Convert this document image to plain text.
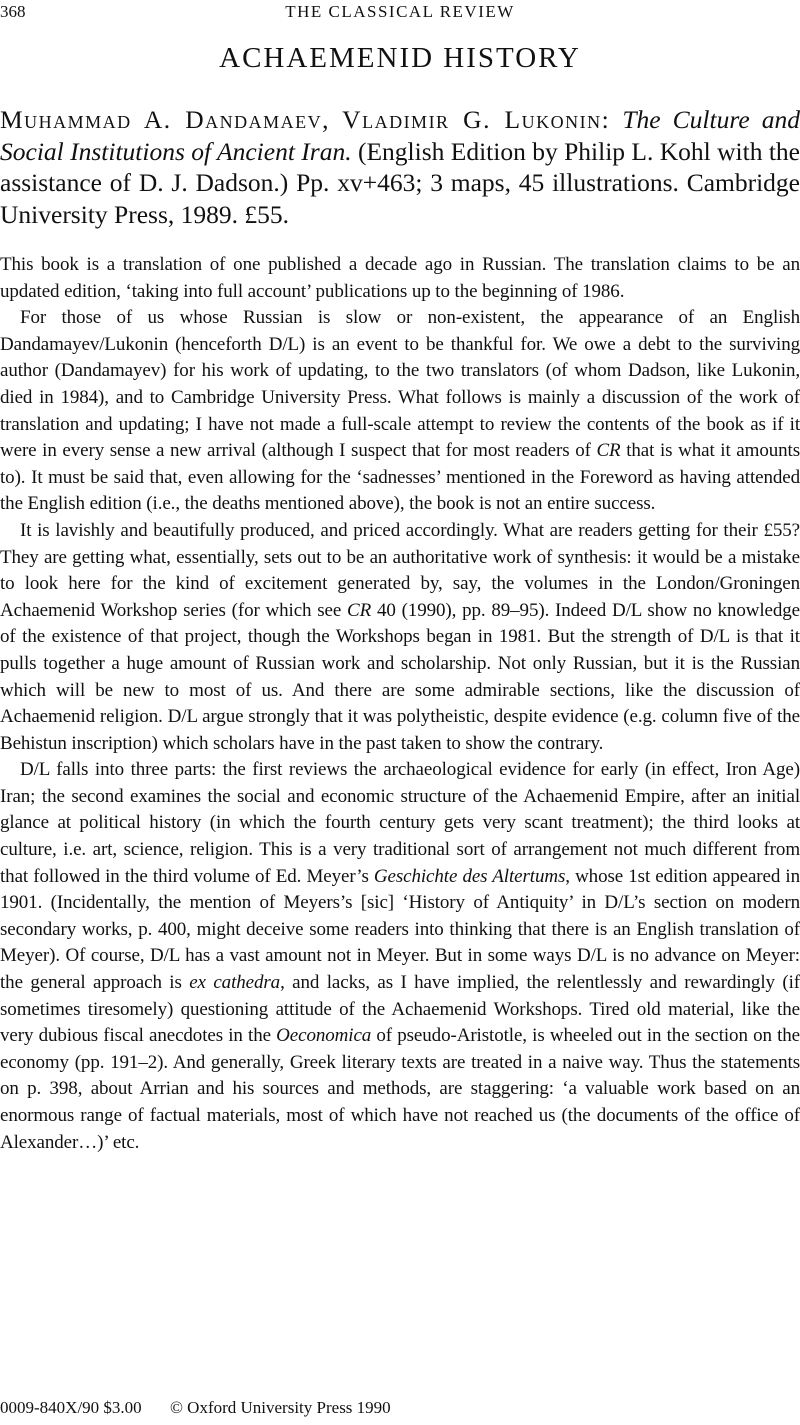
368	THE CLASSICAL REVIEW
ACHAEMENID HISTORY

Muhammad A. Dandamaev, Vladimir G. Lukonin: The Culture and Social Institutions of Ancient Iran. (English Edition by Philip L. Kohl with the assistance of D. J. Dadson.) Pp. xv+463; 3 maps, 45 illustrations. Cambridge University Press, 1989. £55.

This book is a translation of one published a decade ago in Russian. The translation claims to be an updated edition, ‘taking into full account’ publications up to the beginning of 1986.

For those of us whose Russian is slow or non-existent, the appearance of an English Dandamayev/Lukonin (henceforth D/L) is an event to be thankful for. We owe a debt to the surviving author (Dandamayev) for his work of updating, to the two translators (of whom Dadson, like Lukonin, died in 1984), and to Cambridge University Press. What follows is mainly a discussion of the work of translation and updating; I have not made a full-scale attempt to review the contents of the book as if it were in every sense a new arrival (although I suspect that for most readers of CR that is what it amounts to). It must be said that, even allowing for the ‘sadnesses’ mentioned in the Foreword as having attended the English edition (i.e., the deaths mentioned above), the book is not an entire success.

It is lavishly and beautifully produced, and priced accordingly. What are readers getting for their £55? They are getting what, essentially, sets out to be an authoritative work of synthesis: it would be a mistake to look here for the kind of excitement generated by, say, the volumes in the London/Groningen Achaemenid Workshop series (for which see CR 40 (1990), pp. 89–95). Indeed D/L show no knowledge of the existence of that project, though the Workshops began in 1981. But the strength of D/L is that it pulls together a huge amount of Russian work and scholarship. Not only Russian, but it is the Russian which will be new to most of us. And there are some admirable sections, like the discussion of Achaemenid religion. D/L argue strongly that it was polytheistic, despite evidence (e.g. column five of the Behistun inscription) which scholars have in the past taken to show the contrary.

D/L falls into three parts: the first reviews the archaeological evidence for early (in effect, Iron Age) Iran; the second examines the social and economic structure of the Achaemenid Empire, after an initial glance at political history (in which the fourth century gets very scant treatment); the third looks at culture, i.e. art, science, religion. This is a very traditional sort of arrangement not much different from that followed in the third volume of Ed. Meyer’s Geschichte des Altertums, whose 1st edition appeared in 1901. (Incidentally, the mention of Meyers’s [sic] ‘History of Antiquity’ in D/L’s section on modern secondary works, p. 400, might deceive some readers into thinking that there is an English translation of Meyer). Of course, D/L has a vast amount not in Meyer. But in some ways D/L is no advance on Meyer: the general approach is ex cathedra, and lacks, as I have implied, the relentlessly and rewardingly (if sometimes tiresomely) questioning attitude of the Achaemenid Workshops. Tired old material, like the very dubious fiscal anecdotes in the Oeconomica of pseudo-Aristotle, is wheeled out in the section on the economy (pp. 191–2). And generally, Greek literary texts are treated in a naive way. Thus the statements on p. 398, about Arrian and his sources and methods, are staggering: ‘a valuable work based on an enormous range of factual materials, most of which have not reached us (the documents of the office of Alexander…)’ etc.

0009-840X/90 $3.00 © Oxford University Press 1990
